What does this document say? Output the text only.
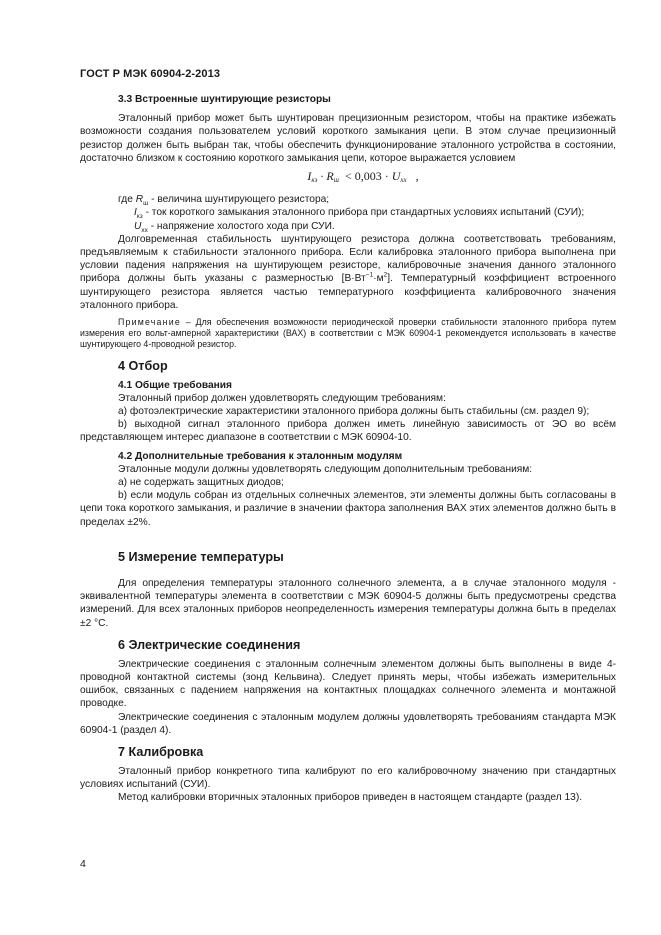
ГОСТ Р МЭК 60904-2-2013
3.3 Встроенные шунтирующие резисторы

Эталонный прибор может быть шунтирован прецизионным резистором, чтобы на практике избежать возможности создания пользователем условий короткого замыкания цепи. В этом случае прецизионный резистор должен быть выбран так, чтобы обеспечить функционирование эталонного устройства в состоянии, достаточно близком к состоянию короткого замыкания цепи, которое выражается условием

$I_{кз} \cdot R_ш < 0,003 \cdot U_{хх}$ ,

где $R_ш$ - величина шунтирующего резистора;

$I_{кз}$ - ток короткого замыкания эталонного прибора при стандартных условиях испытаний (СУИ);

$U_{хх}$ - напряжение холостого хода при СУИ.

Долговременная стабильность шунтирующего резистора должна соответствовать требованиям, предъявляемым к стабильности эталонного прибора. Если калибровка эталонного прибора выполнена при условии падения напряжения на шунтирующем резисторе, калибровочные значения данного эталонного прибора должны быть указаны с размерностью $[В\cdot Вт^{-1}\cdot м^2]$. Температурный коэффициент встроенного шунтирующего резистора является частью температурного коэффициента калибровочного значения эталонного прибора.

Примечание – Для обеспечения возможности периодической проверки стабильности эталонного прибора путем измерения его вольт-амперной характеристики (ВАХ) в соответствии с МЭК 60904-1 рекомендуется использовать в качестве шунтирующего 4-проводной резистор.
4 Отбор
4.1 Общие требования

Эталонный прибор должен удовлетворять следующим требованиям:

а) фотоэлектрические характеристики эталонного прибора должны быть стабильны (см. раздел 9);

b) выходной сигнал эталонного прибора должен иметь линейную зависимость от ЭО во всём представляющем интерес диапазоне в соответствии с МЭК 60904-10.

4.2 Дополнительные требования к эталонным модулям

Эталонные модули должны удовлетворять следующим дополнительным требованиям:

а) не содержать защитных диодов;

b) если модуль собран из отдельных солнечных элементов, эти элементы должны быть согласованы в цепи тока короткого замыкания, и различие в значении фактора заполнения ВАХ этих элементов должно быть в пределах ±2%.

5 Измерение температуры

Для определения температуры эталонного солнечного элемента, а в случае эталонного модуля - эквивалентной температуры элемента в соответствии с МЭК 60904-5 должны быть предусмотрены средства измерений. Для всех эталонных приборов неопределенность измерения температуры должна быть в пределах ±2 °С.

6 Электрические соединения

Электрические соединения с эталонным солнечным элементом должны быть выполнены в виде 4-проводной контактной системы (зонд Кельвина). Следует принять меры, чтобы избежать измерительных ошибок, связанных с падением напряжения на контактных площадках солнечного элемента и монтажной проводке.

Электрические соединения с эталонным модулем должны удовлетворять требованиям стандарта МЭК 60904-1 (раздел 4).

7 Калибровка

Эталонный прибор конкретного типа калибруют по его калибровочному значению при стандартных условиях испытаний (СУИ).

Метод калибровки вторичных эталонных приборов приведен в настоящем стандарте (раздел 13).

4
